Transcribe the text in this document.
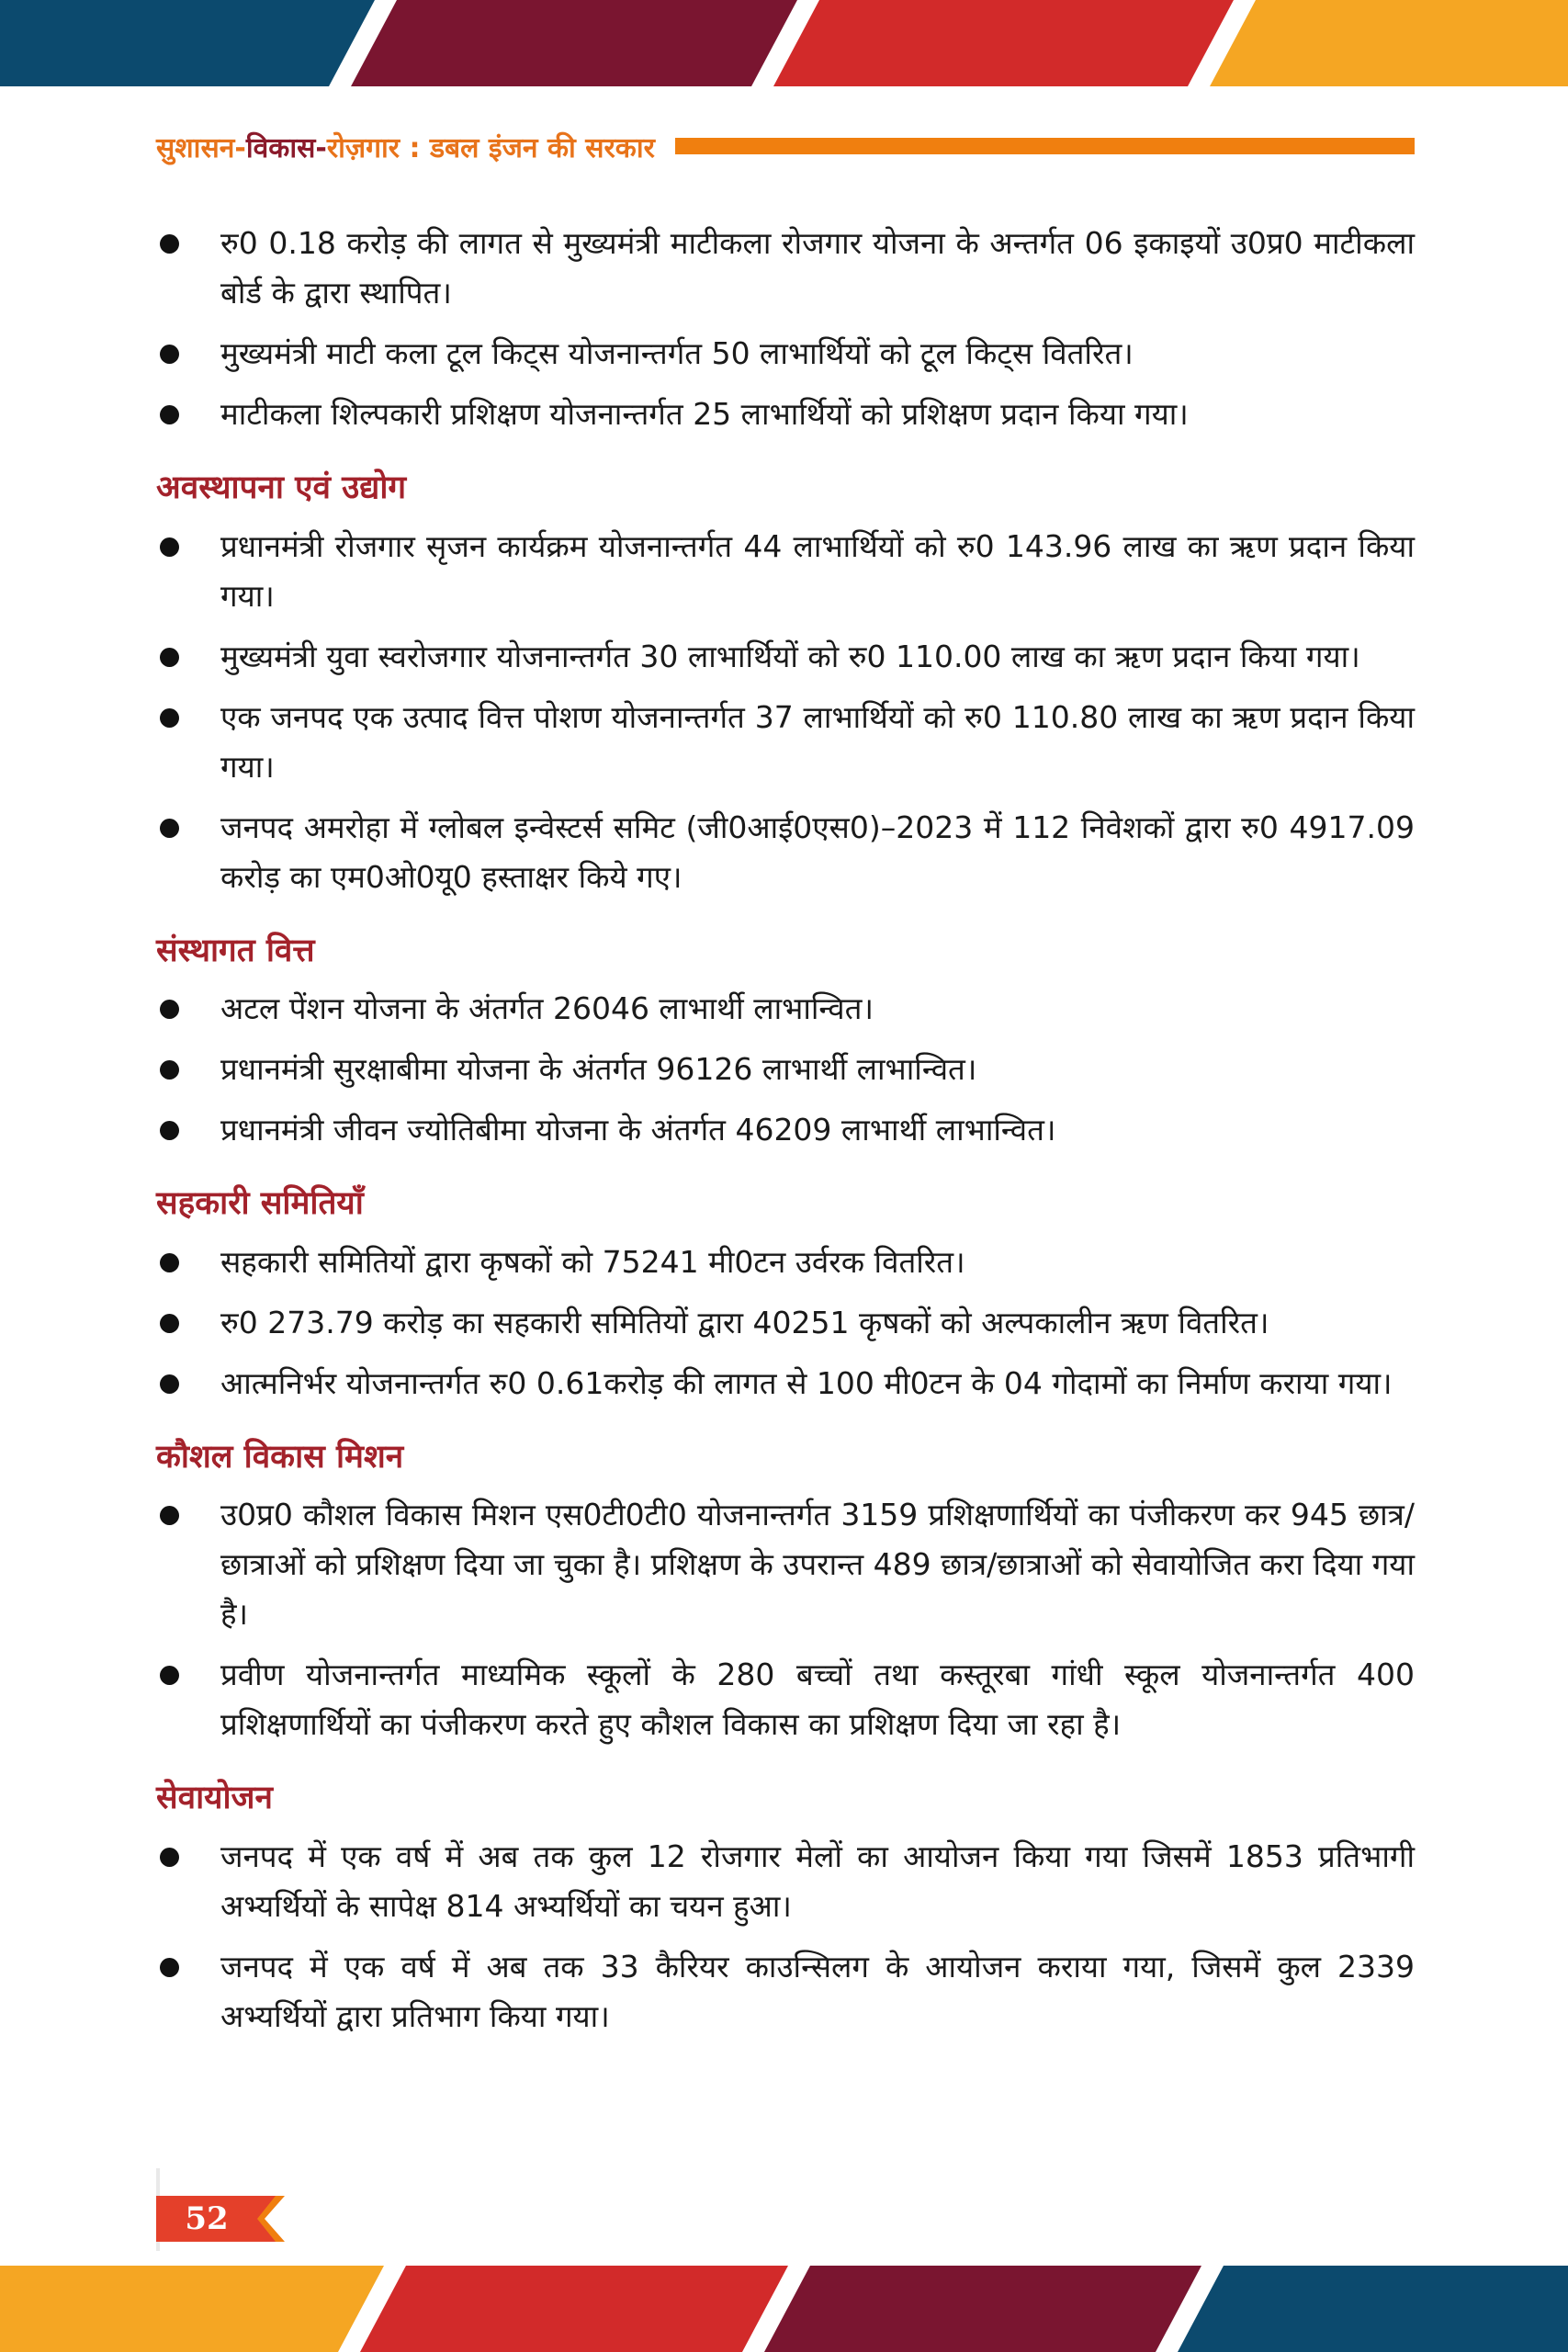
सुशासन-विकास-रोज़गार : डबल इंजन की सरकार
रु0 0.18 करोड़ की लागत से मुख्यमंत्री माटीकला रोजगार योजना के अन्तर्गत 06 इकाइयों उ0प्र0 माटीकला बोर्ड के द्वारा स्थापित।
मुख्यमंत्री माटी कला टूल किट्स योजनान्तर्गत 50 लाभार्थियों को टूल किट्स वितरित।
माटीकला शिल्पकारी प्रशिक्षण योजनान्तर्गत 25 लाभार्थियों को प्रशिक्षण प्रदान किया गया।
अवस्थापना एवं उद्योग
प्रधानमंत्री रोजगार सृजन कार्यक्रम योजनान्तर्गत 44 लाभार्थियों को रु0 143.96 लाख का ऋण प्रदान किया गया।
मुख्यमंत्री युवा स्वरोजगार योजनान्तर्गत 30 लाभार्थियों को रु0 110.00 लाख का ऋण प्रदान किया गया।
एक जनपद एक उत्पाद वित्त पोशण योजनान्तर्गत 37 लाभार्थियों को रु0 110.80 लाख का ऋण प्रदान किया गया।
जनपद अमरोहा में ग्लोबल इन्वेस्टर्स समिट (जी0आई0एस0)–2023 में 112 निवेशकों द्वारा रु0 4917.09 करोड़ का एम0ओ0यू0 हस्ताक्षर किये गए।
संस्थागत वित्त
अटल पेंशन योजना के अंतर्गत 26046 लाभार्थी लाभान्वित।
प्रधानमंत्री सुरक्षाबीमा योजना के अंतर्गत 96126 लाभार्थी लाभान्वित।
प्रधानमंत्री जीवन ज्योतिबीमा योजना के अंतर्गत 46209 लाभार्थी लाभान्वित।
सहकारी समितियाँ
सहकारी समितियों द्वारा कृषकों को 75241 मी0टन उर्वरक वितरित।
रु0 273.79 करोड़ का सहकारी समितियों द्वारा 40251 कृषकों को अल्पकालीन ऋण वितरित।
आत्मनिर्भर योजनान्तर्गत रु0 0.61करोड़ की लागत से 100 मी0टन के 04 गोदामों का निर्माण कराया गया।
कौशल विकास मिशन
उ0प्र0 कौशल विकास मिशन एस0टी0टी0 योजनान्तर्गत 3159 प्रशिक्षणार्थियों का पंजीकरण कर 945 छात्र/छात्राओं को प्रशिक्षण दिया जा चुका है। प्रशिक्षण के उपरान्त 489 छात्र/छात्राओं को सेवायोजित करा दिया गया है।
प्रवीण योजनान्तर्गत माध्यमिक स्कूलों के 280 बच्चों तथा कस्तूरबा गांधी स्कूल योजनान्तर्गत 400 प्रशिक्षणार्थियों का पंजीकरण करते हुए कौशल विकास का प्रशिक्षण दिया जा रहा है।
सेवायोजन
जनपद में एक वर्ष में अब तक कुल 12 रोजगार मेलों का आयोजन किया गया जिसमें 1853 प्रतिभागी अभ्यर्थियों के सापेक्ष 814 अभ्यर्थियों का चयन हुआ।
जनपद में एक वर्ष में अब तक 33 कैरियर काउन्सिलग के आयोजन कराया गया, जिसमें कुल 2339 अभ्यर्थियों द्वारा प्रतिभाग किया गया।
52
